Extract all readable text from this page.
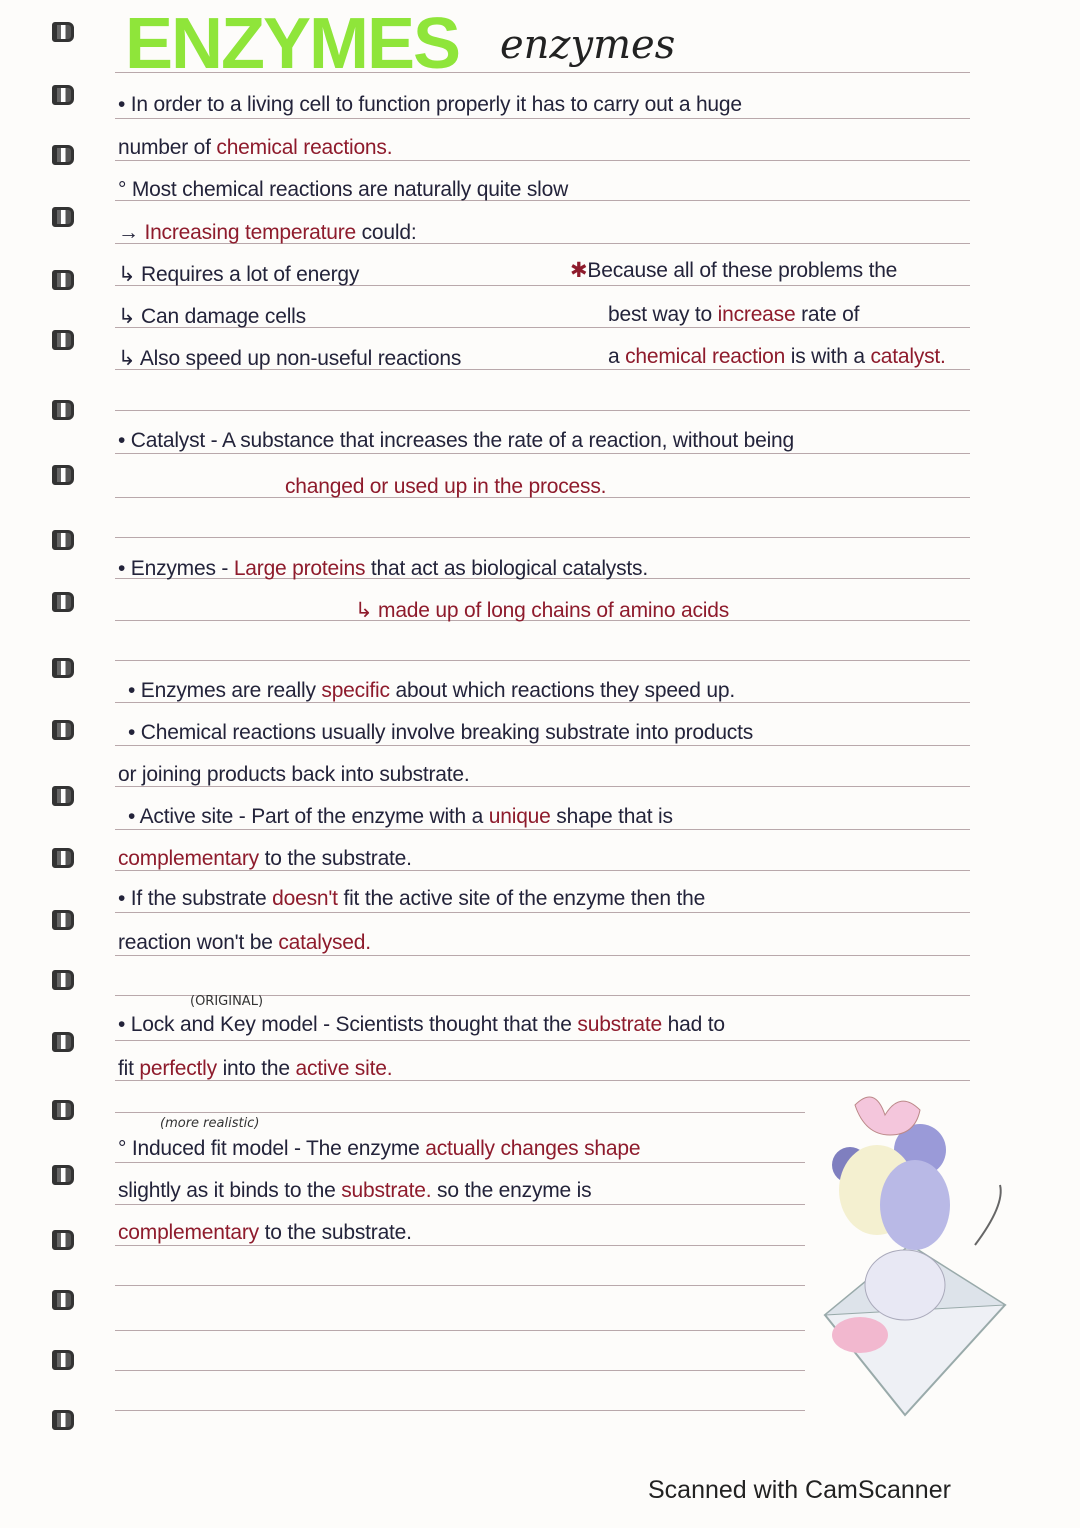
ENZYMES enzymes
• In order to a living cell to function properly it has to carry out a huge
number of chemical reactions.
° Most chemical reactions are naturally quite slow
→ Increasing temperature could:
↳ Requires a lot of energy
↳ Can damage cells
↳ Also speed up non-useful reactions
✱Because all of these problems the
best way to increase rate of
a chemical reaction is with a catalyst.
• Catalyst - A substance that increases the rate of a reaction, without being
changed or used up in the process.
• Enzymes - Large proteins that act as biological catalysts.
↳ made up of long chains of amino acids
• Enzymes are really specific about which reactions they speed up.
• Chemical reactions usually involve breaking substrate into products
or joining products back into substrate.
• Active site - Part of the enzyme with a unique shape that is
complementary to the substrate.
• If the substrate doesn't fit the active site of the enzyme then the
reaction won't be catalysed.
• Lock and Key model - Scientists thought that the substrate had to
fit perfectly into the active site.
° Induced fit model - The enzyme actually changes shape
slightly as it binds to the substrate. so the enzyme is
complementary to the substrate.
(ORIGINAL)
(more realistic)
Scanned with CamScanner
